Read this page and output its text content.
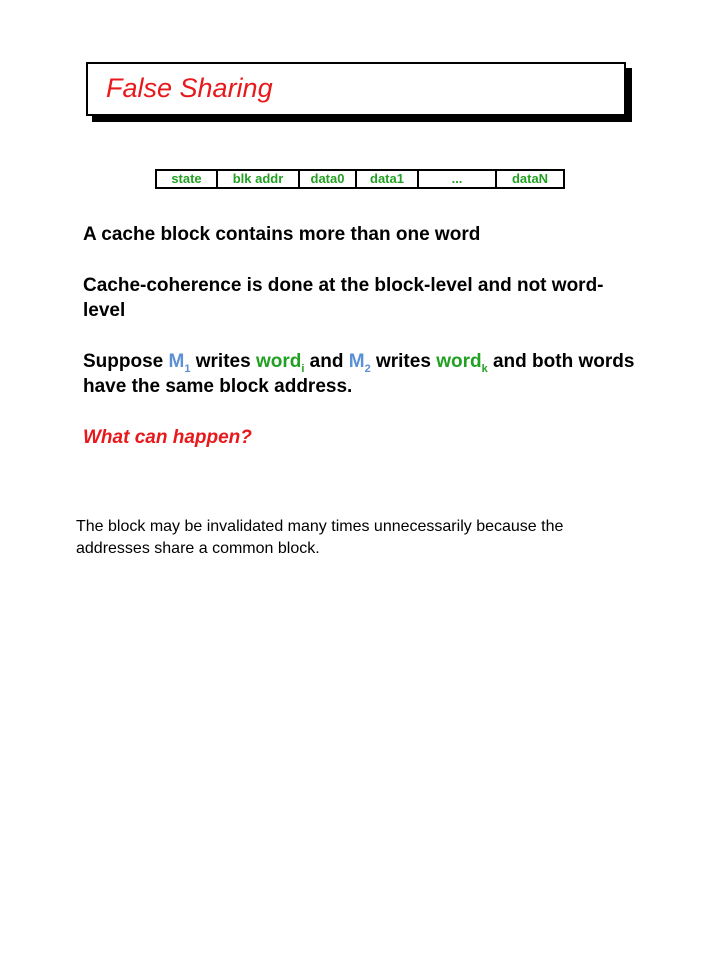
False Sharing
state	blk addr	data0	data1	...	dataN

A cache block contains more than one word

Cache-coherence is done at the block-level and not word-level

Suppose $M_1$ writes word$_i$ and $M_2$ writes word$_k$ and both words have the same block address.

What can happen?

The block may be invalidated many times unnecessarily because the addresses share a common block.
